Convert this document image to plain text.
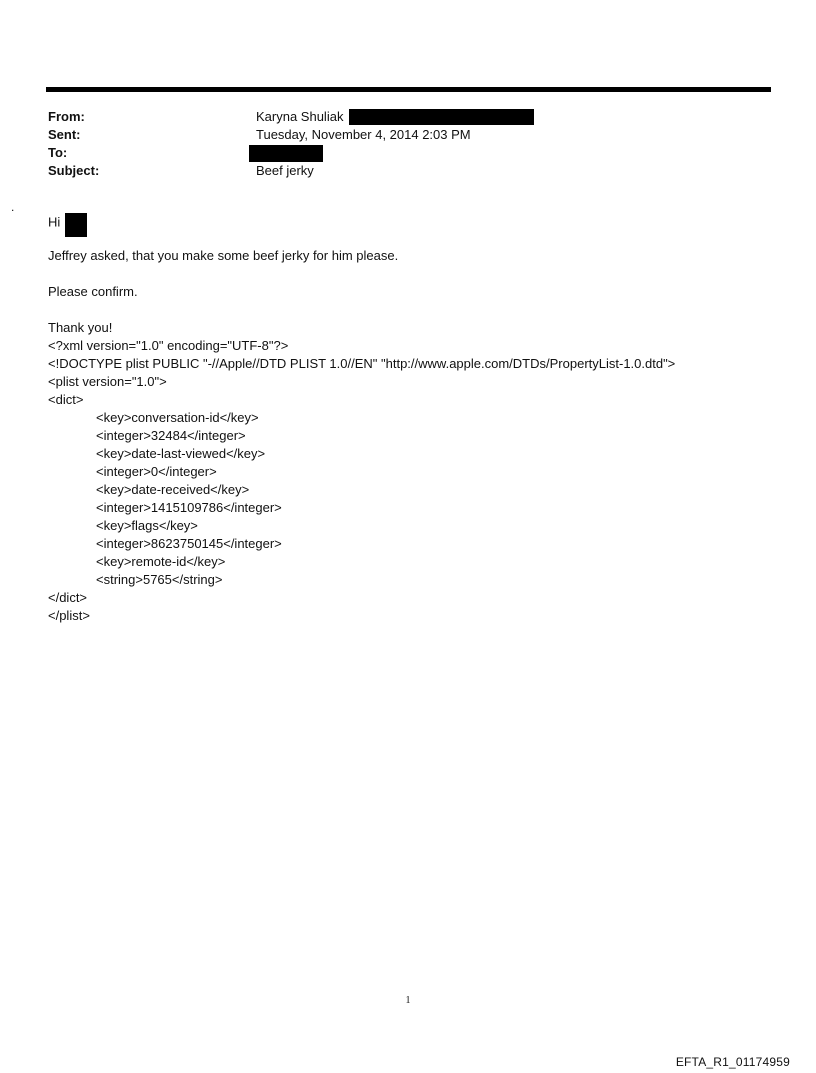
.
From:	Karyna Shuliak
Sent:	Tuesday, November 4, 2014 2:03 PM
To:
Subject:	Beef jerky
Hi
Jeffrey asked, that you make some beef jerky for him please.
Please confirm.
Thank you!
<?xml version="1.0" encoding="UTF-8"?>
<!DOCTYPE plist PUBLIC "-//Apple//DTD PLIST 1.0//EN" "http://www.apple.com/DTDs/PropertyList-1.0.dtd">
<plist version="1.0">
<dict>
<key>conversation-id</key>
<integer>32484</integer>
<key>date-last-viewed</key>
<integer>0</integer>
<key>date-received</key>
<integer>1415109786</integer>
<key>flags</key>
<integer>8623750145</integer>
<key>remote-id</key>
<string>5765</string>
</dict>
</plist>
1
EFTA_R1_01174959
